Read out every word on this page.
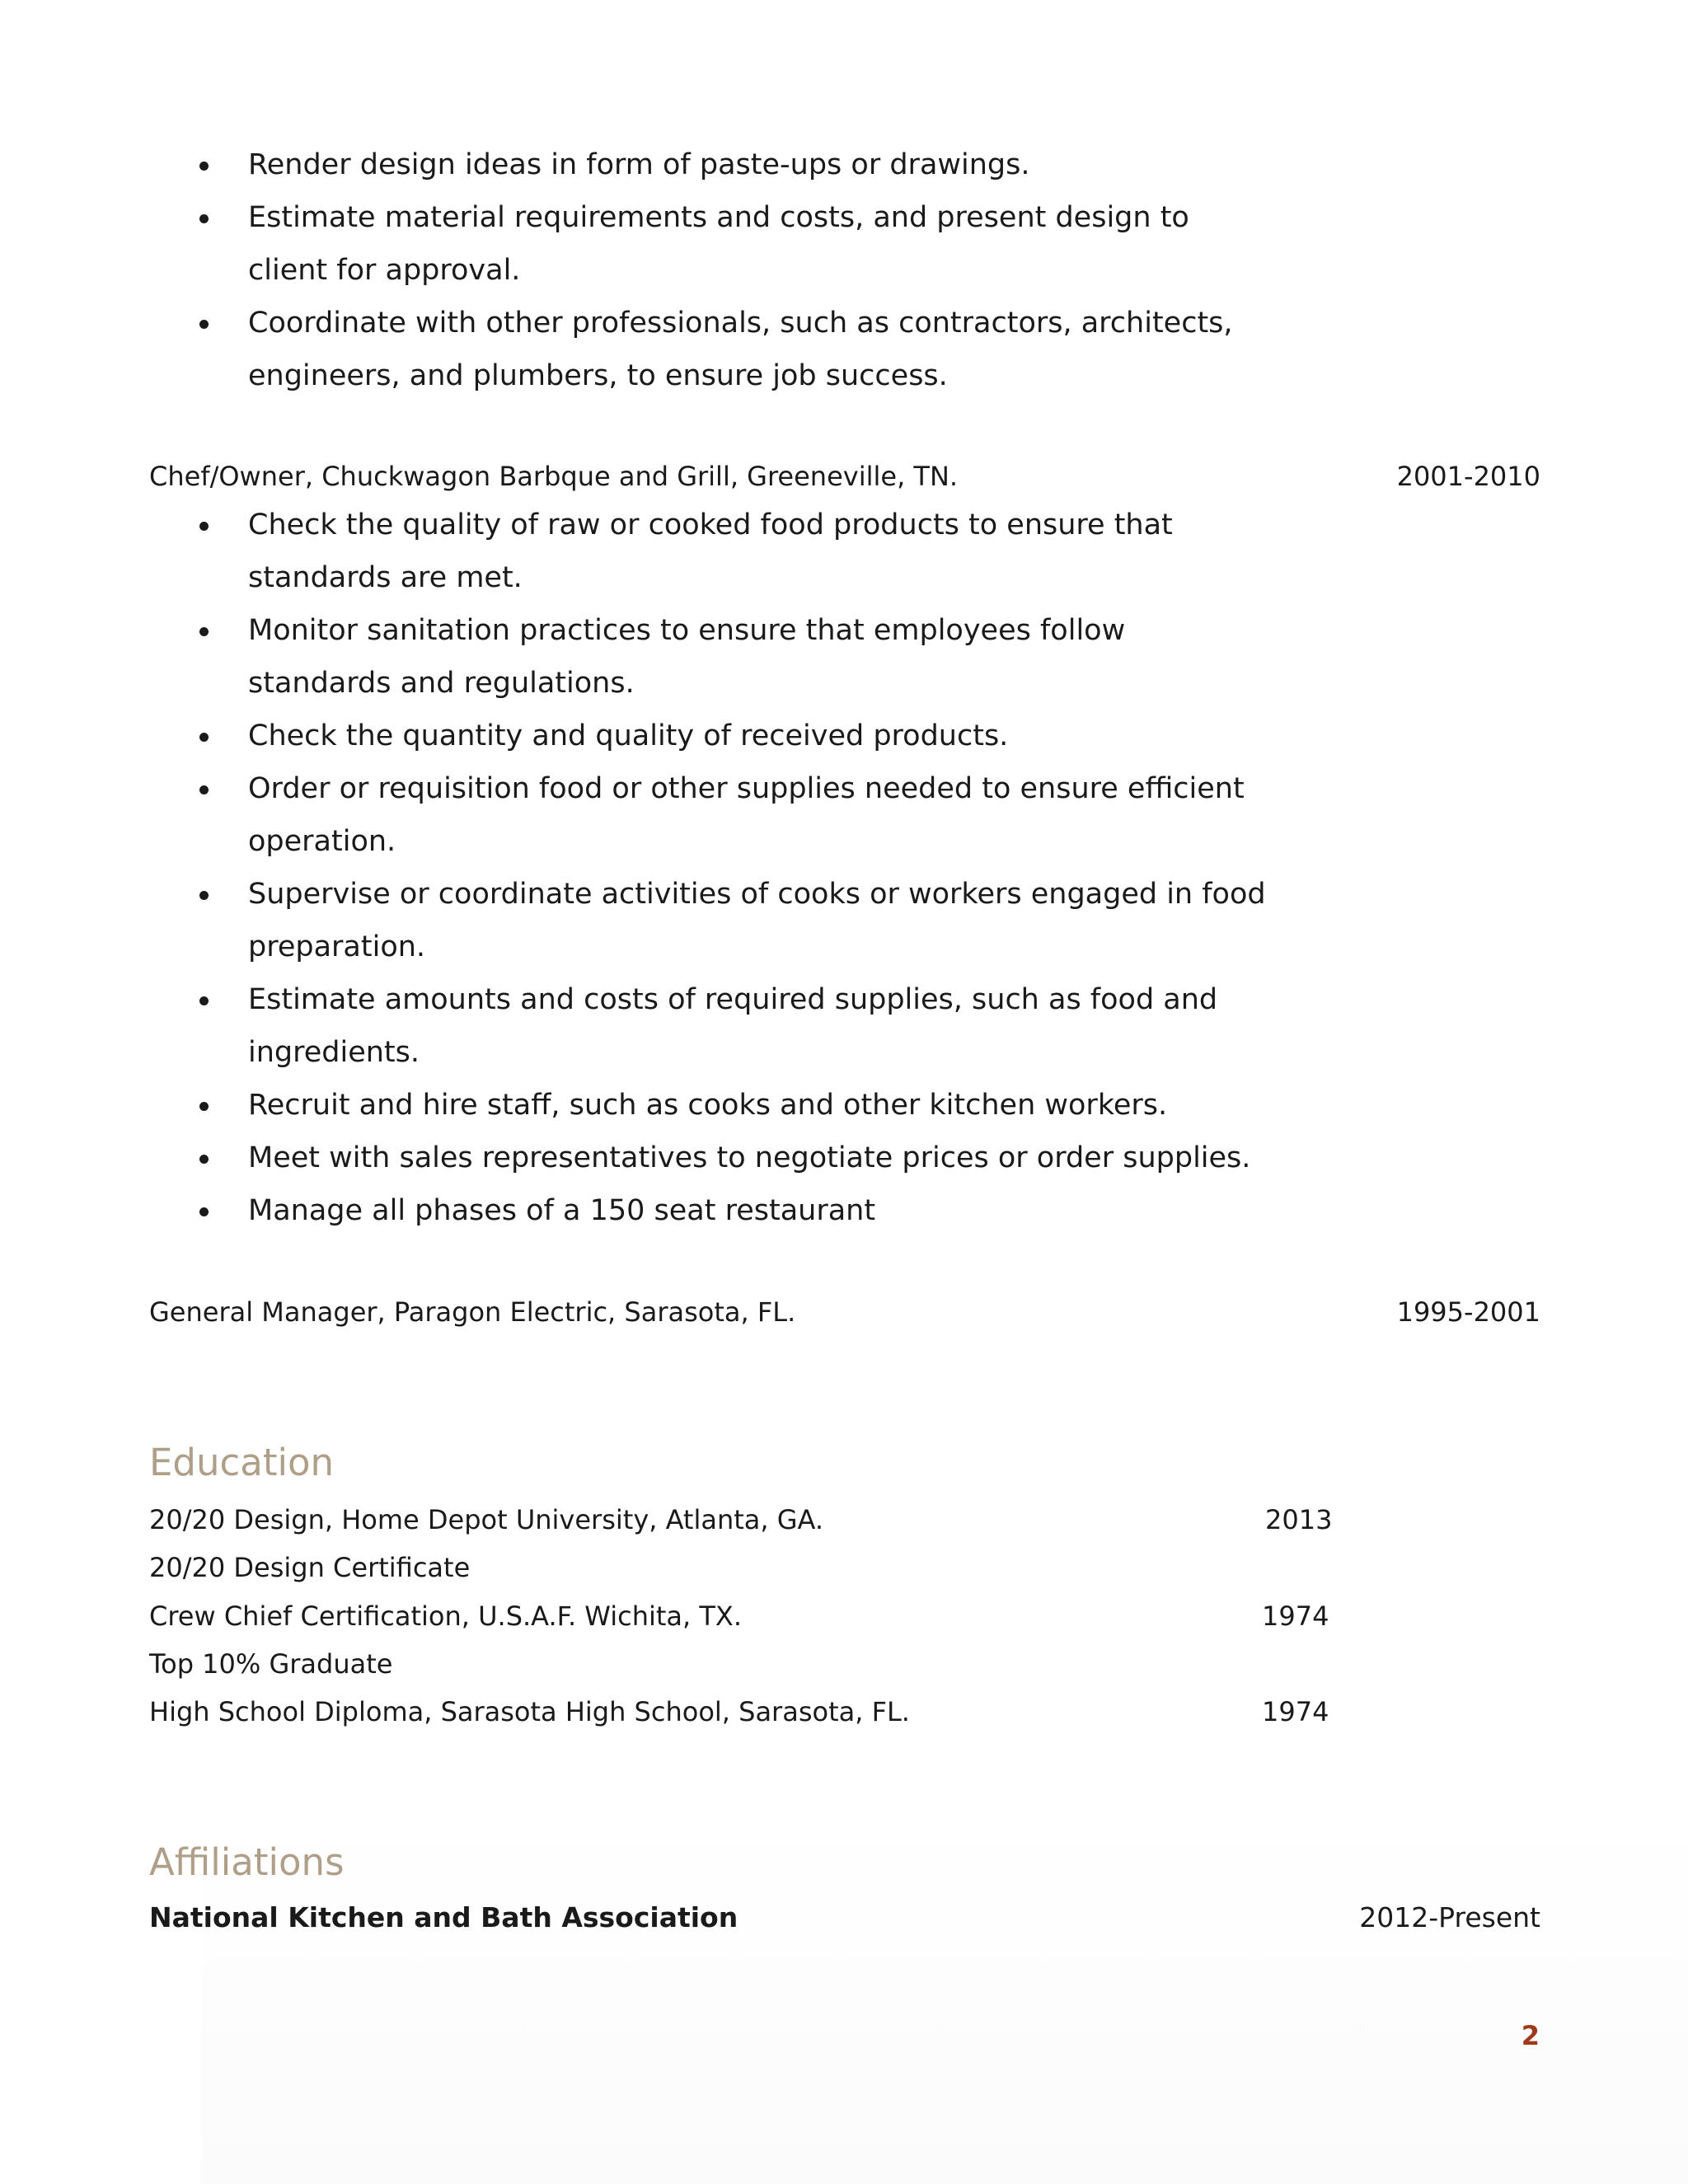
Render design ideas in form of paste-ups or drawings.
Estimate material requirements and costs, and present design to client for approval.
Coordinate with other professionals, such as contractors, architects, engineers, and plumbers, to ensure job success.
Chef/Owner, Chuckwagon Barbque and Grill, Greeneville, TN.	2001-2010
Check the quality of raw or cooked food products to ensure that standards are met.
Monitor sanitation practices to ensure that employees follow standards and regulations.
Check the quantity and quality of received products.
Order or requisition food or other supplies needed to ensure efficient operation.
Supervise or coordinate activities of cooks or workers engaged in food preparation.
Estimate amounts and costs of required supplies, such as food and ingredients.
Recruit and hire staff, such as cooks and other kitchen workers.
Meet with sales representatives to negotiate prices or order supplies.
Manage all phases of a 150 seat restaurant
General Manager, Paragon Electric, Sarasota, FL.	1995-2001
Education
20/20 Design, Home Depot University, Atlanta, GA.	2013
20/20 Design Certificate
Crew Chief Certification, U.S.A.F. Wichita, TX.	1974
Top 10% Graduate
High School Diploma, Sarasota High School, Sarasota, FL.	1974
Affiliations
National Kitchen and Bath Association	2012-Present
2
